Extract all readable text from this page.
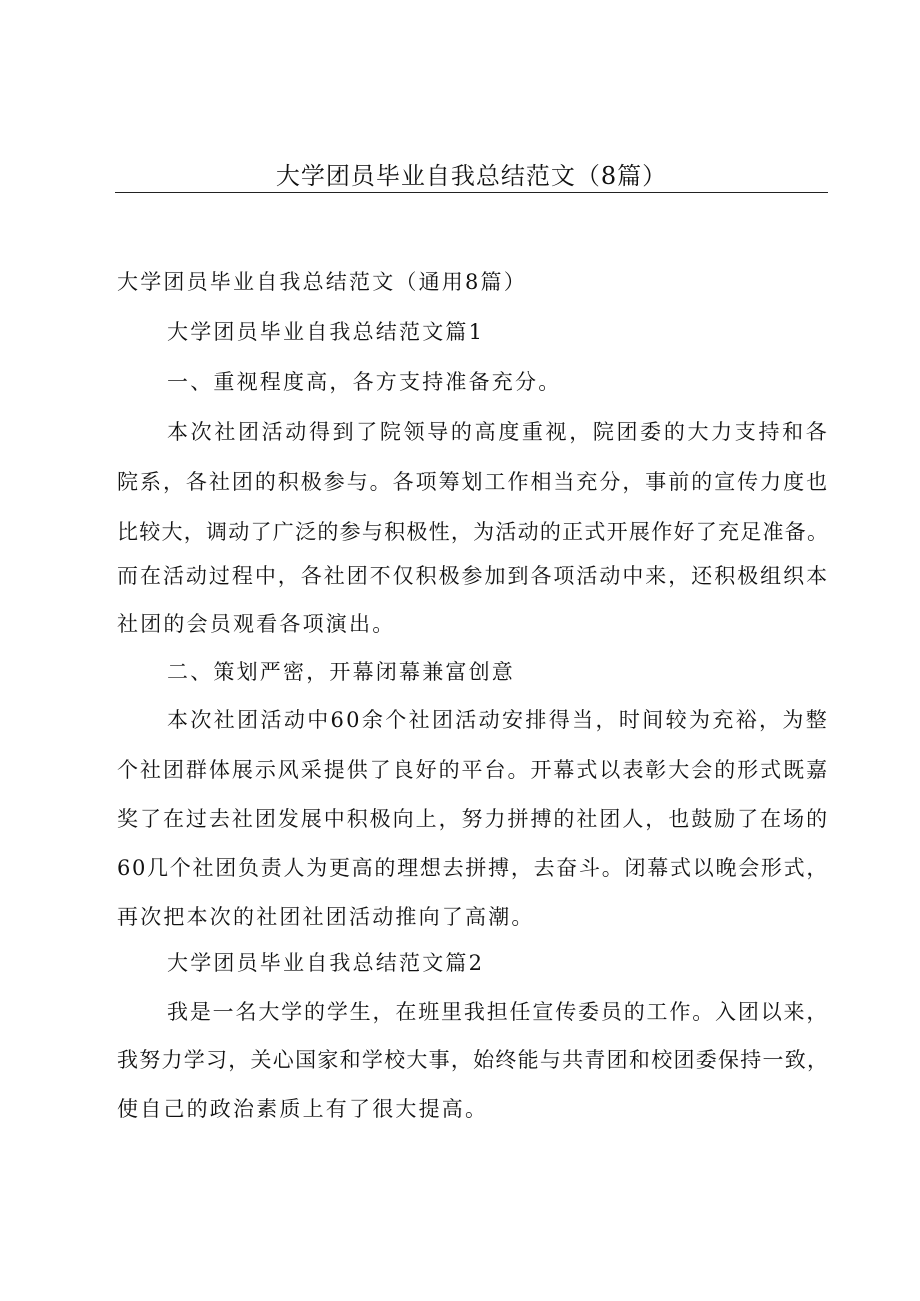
大学团员毕业自我总结范文（8篇）
大学团员毕业自我总结范文（通用8篇）
大学团员毕业自我总结范文篇1
一、重视程度高，各方支持准备充分。
本次社团活动得到了院领导的高度重视，院团委的大力支持和各
院系，各社团的积极参与。各项筹划工作相当充分，事前的宣传力度也
比较大，调动了广泛的参与积极性，为活动的正式开展作好了充足准备。
而在活动过程中，各社团不仅积极参加到各项活动中来，还积极组织本
社团的会员观看各项演出。
二、策划严密，开幕闭幕兼富创意
本次社团活动中60余个社团活动安排得当，时间较为充裕，为整
个社团群体展示风采提供了良好的平台。开幕式以表彰大会的形式既嘉
奖了在过去社团发展中积极向上，努力拼搏的社团人，也鼓励了在场的
60几个社团负责人为更高的理想去拼搏，去奋斗。闭幕式以晚会形式，
再次把本次的社团社团活动推向了高潮。
大学团员毕业自我总结范文篇2
我是一名大学的学生，在班里我担任宣传委员的工作。入团以来，
我努力学习，关心国家和学校大事，始终能与共青团和校团委保持一致，
使自己的政治素质上有了很大提高。
